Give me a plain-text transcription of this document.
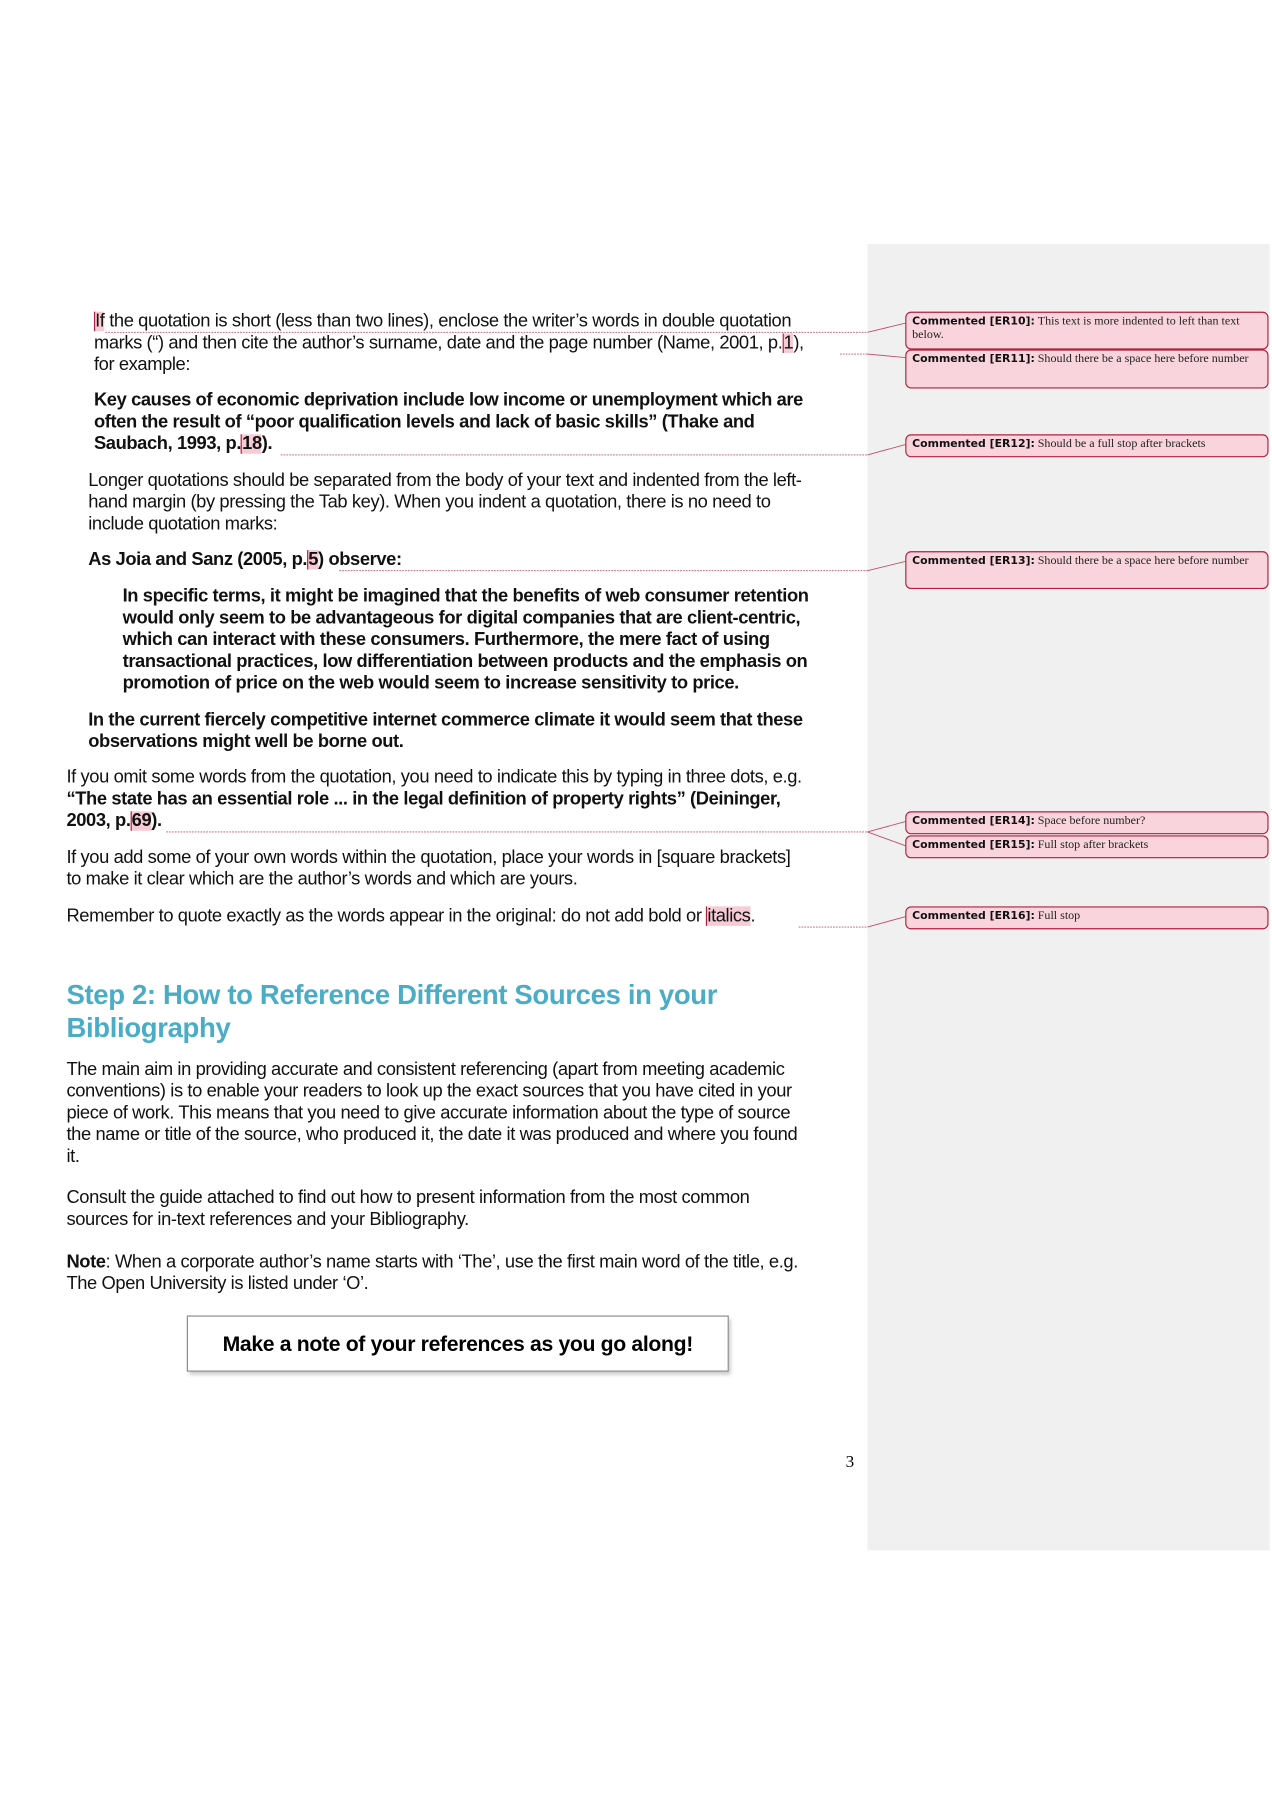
If the quotation is short (less than two lines), enclose the writer’s words in double quotation
marks (“) and then cite the author’s surname, date and the page number (Name, 2001, p.1),
for example:
Key causes of economic deprivation include low income or unemployment which are
often the result of “poor qualification levels and lack of basic skills” (Thake and
Saubach, 1993, p.18).
Longer quotations should be separated from the body of your text and indented from the left-
hand margin (by pressing the Tab key). When you indent a quotation, there is no need to
include quotation marks:
As Joia and Sanz (2005, p.5) observe:
In specific terms, it might be imagined that the benefits of web consumer retention
would only seem to be advantageous for digital companies that are client-centric,
which can interact with these consumers. Furthermore, the mere fact of using
transactional practices, low differentiation between products and the emphasis on
promotion of price on the web would seem to increase sensitivity to price.
In the current fiercely competitive internet commerce climate it would seem that these
observations might well be borne out.
If you omit some words from the quotation, you need to indicate this by typing in three dots, e.g.
“The state has an essential role ... in the legal definition of property rights” (Deininger,
2003, p.69).
If you add some of your own words within the quotation, place your words in [square brackets]
to make it clear which are the author’s words and which are yours.
Remember to quote exactly as the words appear in the original: do not add bold or italics.
The main aim in providing accurate and consistent referencing (apart from meeting academic
conventions) is to enable your readers to look up the exact sources that you have cited in your
piece of work. This means that you need to give accurate information about the type of source
the name or title of the source, who produced it, the date it was produced and where you found
it.
Consult the guide attached to find out how to present information from the most common
sources for in-text references and your Bibliography.
Note: When a corporate author’s name starts with ‘The’, use the first main word of the title, e.g.
The Open University is listed under ‘O’.
Step 2: How to Reference Different Sources in your
Bibliography
Make a note of your references as you go along!
3
Commented [ER10]: This text is more indented to left than text below.
Commented [ER11]: Should there be a space here before number
Commented [ER12]: Should be a full stop after brackets
Commented [ER13]: Should there be a space here before number
Commented [ER14]: Space before number?
Commented [ER15]: Full stop after brackets
Commented [ER16]: Full stop
